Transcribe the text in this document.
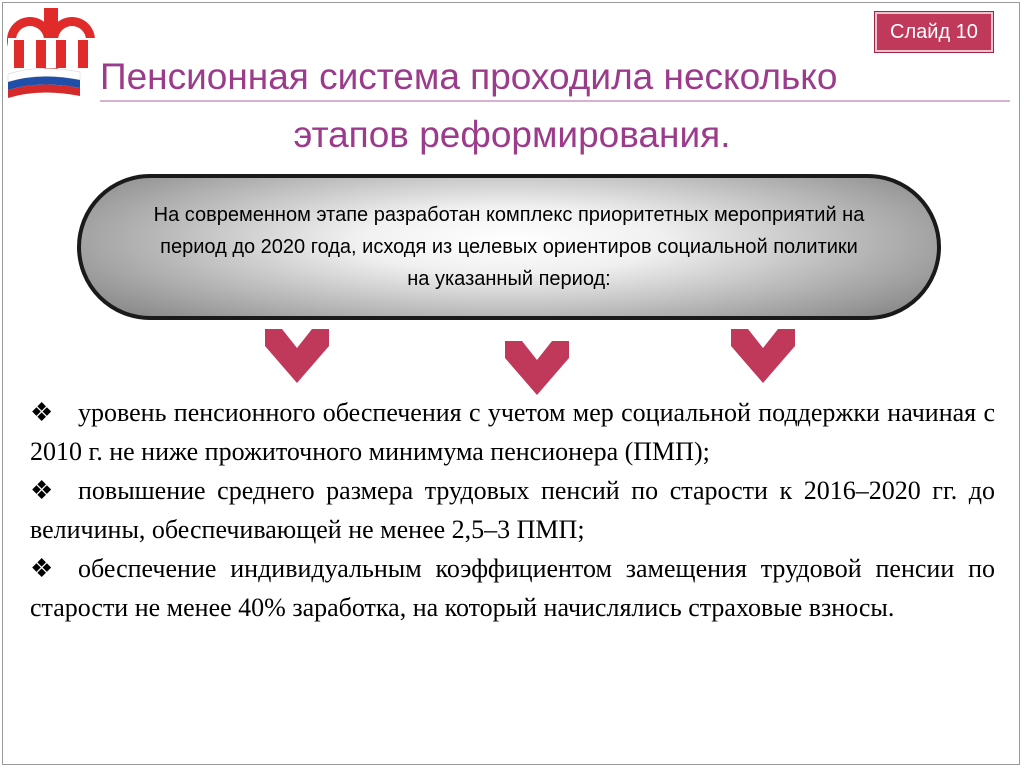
Слайд 10
Пенсионная система проходила несколько
этапов реформирования.
На современном этапе разработан комплекс приоритетных мероприятий на период до 2020 года, исходя из целевых ориентиров социальной политики на указанный период:

❖ уровень пенсионного обеспечения с учетом мер социальной поддержки начиная с 2010 г. не ниже прожиточного минимума пенсионера (ПМП);

❖ повышение среднего размера трудовых пенсий по старости к 2016–2020 гг. до величины, обеспечивающей не менее 2,5–3 ПМП;

❖ обеспечение индивидуальным коэффициентом замещения трудовой пенсии по старости не менее 40% заработка, на который начислялись страховые взносы.
